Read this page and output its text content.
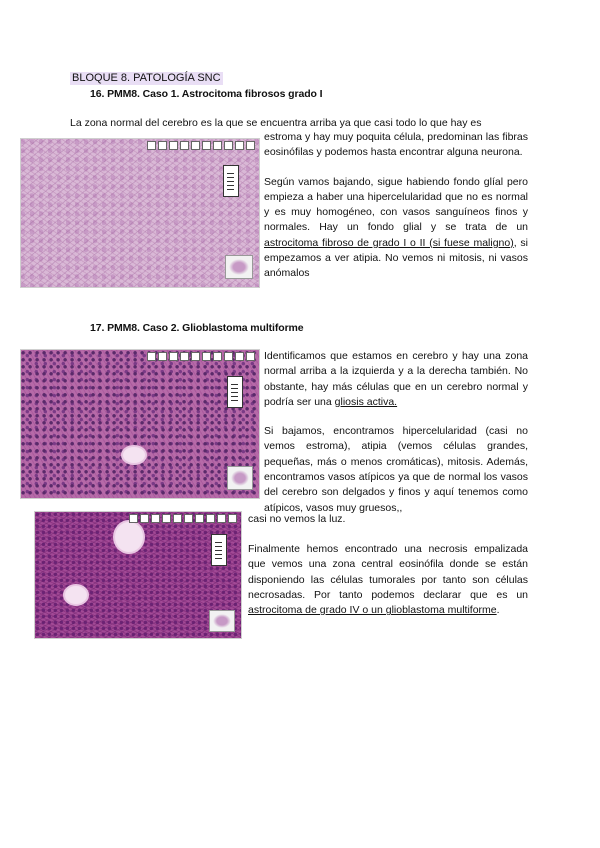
BLOQUE 8. PATOLOGÍA SNC
16. PMM8. Caso 1. Astrocitoma fibrosos grado I

La zona normal del cerebro es la que se encuentra arriba ya que casi todo lo que hay es

estroma y hay muy poquita célula, predominan las fibras eosinófilas y podemos hasta encontrar alguna neurona.

Según vamos bajando, sigue habiendo fondo glíal pero empieza a haber una hipercelularidad que no es normal y es muy homogéneo, con vasos sanguíneos finos y normales. Hay un fondo glial y se trata de un astrocitoma fibroso de grado I o II (si fuese maligno), si empezamos a ver atipia. No vemos ni mitosis, ni vasos anómalos

17. PMM8. Caso 2. Glioblastoma multiforme

Identificamos que estamos en cerebro y hay una zona normal arriba a la izquierda y a la derecha también. No obstante, hay más células que en un cerebro normal y podría ser una gliosis activa.

Si bajamos, encontramos hipercelularidad (casi no vemos estroma), atipia (vemos células grandes, pequeñas, más o menos cromáticas), mitosis. Además, encontramos vasos atípicos ya que de normal los vasos del cerebro son delgados y finos y aquí tenemos como atípicos, vasos muy gruesos,,

casi no vemos la luz.

Finalmente hemos encontrado una necrosis empalizada que vemos una zona central eosinófila donde se están disponiendo las células tumorales por tanto son células necrosadas. Por tanto podemos declarar que es un astrocitoma de grado IV o un glioblastoma multiforme.
